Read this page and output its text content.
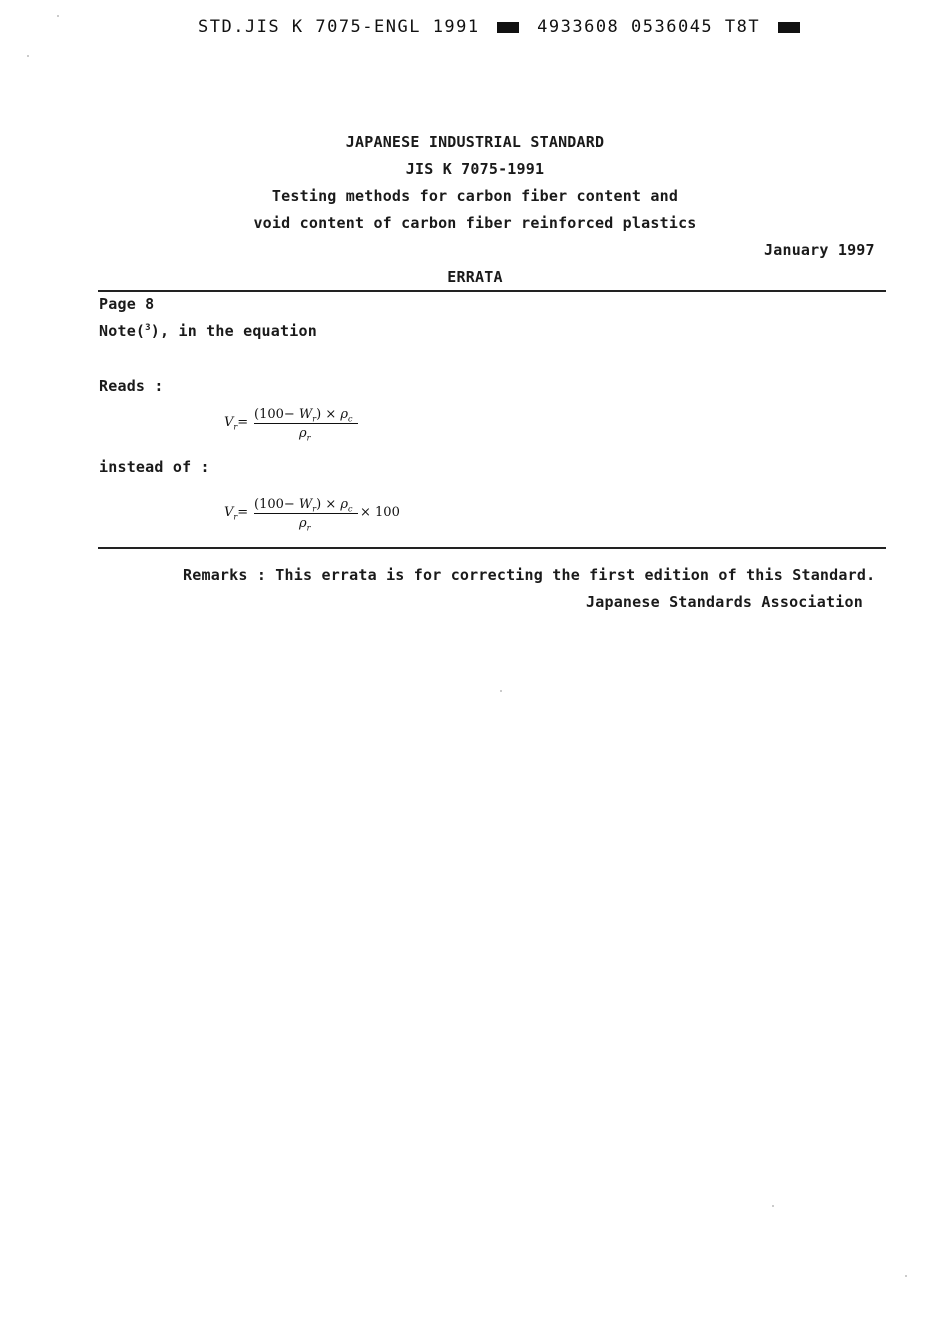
STD.JIS K 7075-ENGL 1991	4933608 0536045 T8T
JAPANESE INDUSTRIAL STANDARD
JIS K 7075-1991
Testing methods for carbon fiber content and
void content of carbon fiber reinforced plastics
January 1997
ERRATA
Page 8
Note($^3$), in the equation
Reads :
$V_r=$
$(100- W_r) \times \rho_c$
$\rho_r$
instead of :
$V_r=$
$(100- W_r) \times \rho_c$
$\rho_r$
× 100
Remarks : This errata is for correcting the first edition of this Standard.
Japanese Standards Association
